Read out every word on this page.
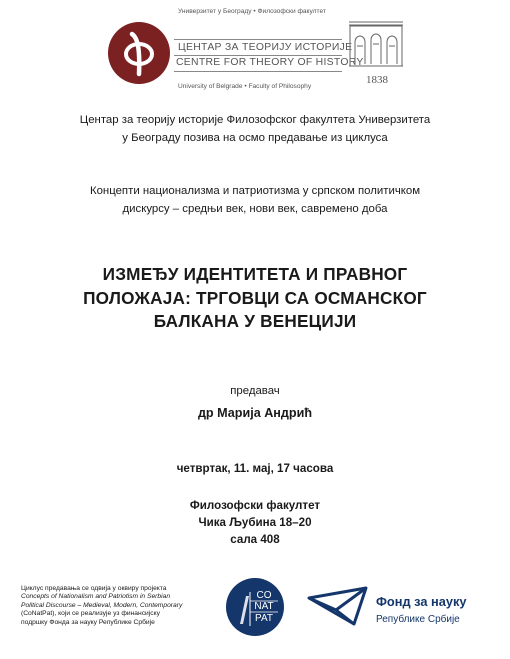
Ф
Универзитет у Београду • Филозофски факултет
ЦЕНТАР ЗА ТЕОРИЈУ ИСТОРИЈЕ
CENTRE FOR THEORY OF HISTORY
University of Belgrade • Faculty of Philosophy
1838
Центар за теорију историје Филозофског факултета Универзитета
у Београду позива на осмо предавање из циклуса
Концепти национализма и патриотизма у српском политичком
дискурсу – средњи век, нови век, савремено доба
ИЗМЕЂУ ИДЕНТИТЕТА И ПРАВНОГ
ПОЛОЖАЈА: ТРГОВЦИ СА ОСМАНСКОГ
БАЛКАНА У ВЕНЕЦИЈИ
предавач
др Марија Андрић
четвртак, 11. мај, 17 часова
Филозофски факултет
Чика Љубина 18–20
сала 408
Циклус предавања се одвија у оквиру пројекта
Concepts of Nationalism and Patriotism in Serbian
Political Discourse – Medieval, Modern, Contemporary
(CoNatPat), који се реализује уз финансијску
подршку Фонда за науку Републике Србије
CO
NAT
PAT
Фонд за науку
Републике Србије
